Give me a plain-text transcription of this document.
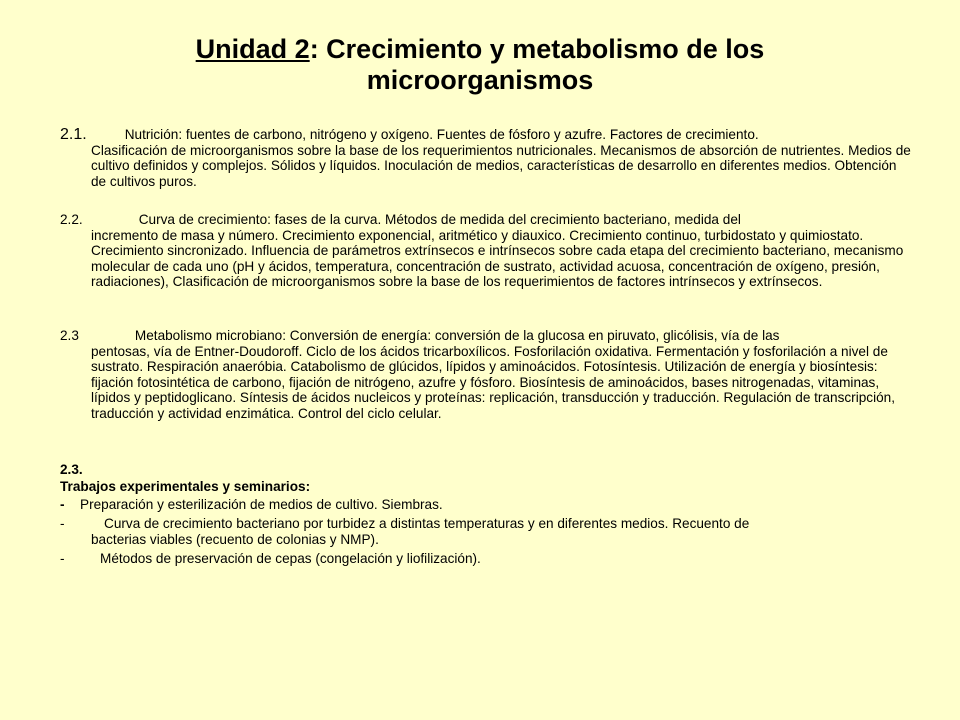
Unidad 2: Crecimiento y metabolismo de los
microorganismos
2.1.	Nutrición: fuentes de carbono, nitrógeno y oxígeno. Fuentes de fósforo y azufre. Factores de crecimiento.
Clasificación de microorganismos sobre la base de los requerimientos nutricionales. Mecanismos de absorción de nutrientes. Medios de cultivo definidos y complejos. Sólidos y líquidos. Inoculación de medios, características de desarrollo en diferentes medios. Obtención de cultivos puros.
2.2.	Curva de crecimiento: fases de la curva. Métodos de medida del crecimiento bacteriano, medida del
incremento de masa y número. Crecimiento exponencial, aritmético y diauxico. Crecimiento continuo, turbidostato y quimiostato. Crecimiento sincronizado. Influencia de parámetros extrínsecos e intrínsecos sobre cada etapa del crecimiento bacteriano, mecanismo molecular de cada uno (pH y ácidos, temperatura, concentración de sustrato, actividad acuosa, concentración de oxígeno, presión, radiaciones), Clasificación de microorganismos sobre la base de los requerimientos de factores intrínsecos y extrínsecos.
2.3	Metabolismo microbiano: Conversión de energía: conversión de la glucosa en piruvato, glicólisis, vía de las
pentosas, vía de Entner-Doudoroff. Ciclo de los ácidos tricarboxílicos. Fosforilación oxidativa. Fermentación y fosforilación a nivel de sustrato. Respiración anaeróbia. Catabolismo de glúcidos, lípidos y aminoácidos. Fotosíntesis. Utilización de energía y biosíntesis: fijación fotosintética de carbono, fijación de nitrógeno, azufre y fósforo. Biosíntesis de aminoácidos, bases nitrogenadas, vitaminas, lípidos y peptidoglicano. Síntesis de ácidos nucleicos y proteínas: replicación, transducción y traducción. Regulación de transcripción, traducción y actividad enzimática. Control del ciclo celular.
2.3.
Trabajos experimentales y seminarios:
- Preparación y esterilización de medios de cultivo. Siembras.
-	Curva de crecimiento bacteriano por turbidez a distintas temperaturas y en diferentes medios. Recuento de
bacterias viables (recuento de colonias y NMP).
-	Métodos de preservación de cepas (congelación y liofilización).
